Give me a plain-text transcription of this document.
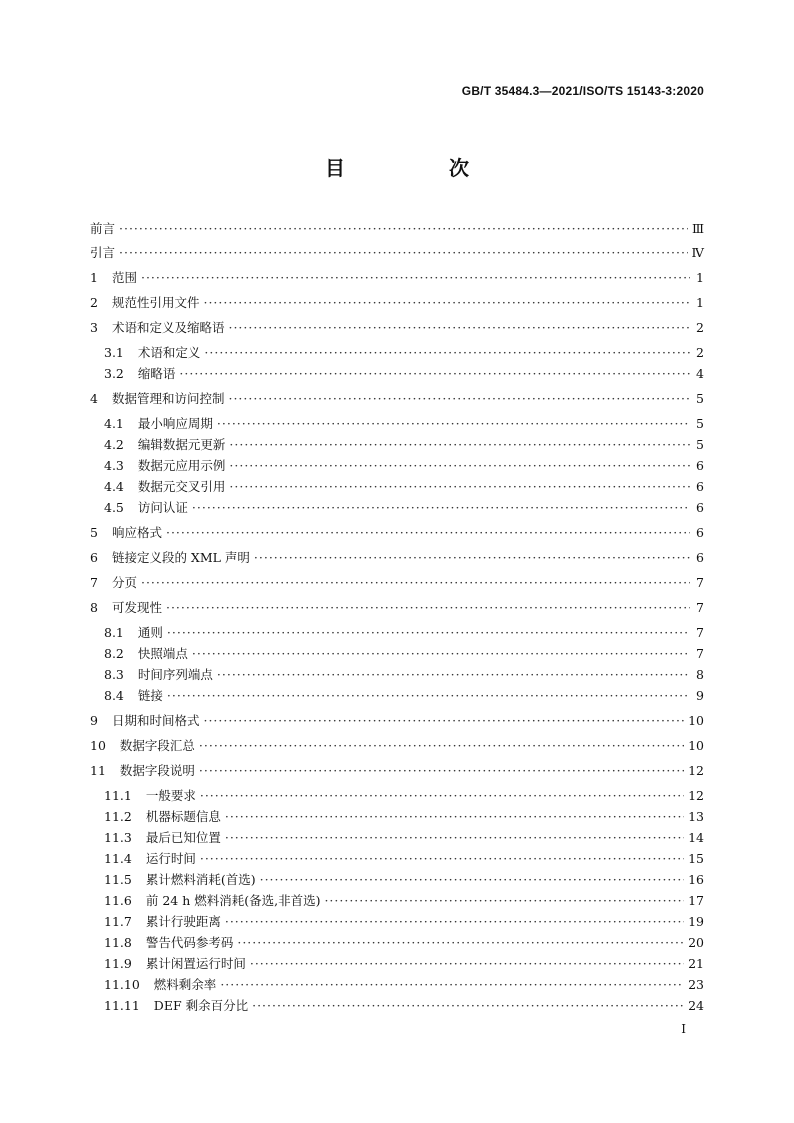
GB/T 35484.3—2021/ISO/TS 15143-3:2020
目　次
前言 ·····	Ⅲ
引言 ·····	Ⅳ
1 范围 ·····	1
2 规范性引用文件 ·····	1
3 术语和定义及缩略语 ·····	2
3.1 术语和定义 ·····	2
3.2 缩略语 ·····	4
4 数据管理和访问控制 ·····	5
4.1 最小响应周期 ·····	5
4.2 编辑数据元更新 ·····	5
4.3 数据元应用示例 ·····	6
4.4 数据元交叉引用 ·····	6
4.5 访问认证 ·····	6
5 响应格式 ·····	6
6 链接定义段的 XML 声明 ·····	6
7 分页 ·····	7
8 可发现性 ·····	7
8.1 通则 ·····	7
8.2 快照端点 ·····	7
8.3 时间序列端点 ·····	8
8.4 链接 ·····	9
9 日期和时间格式 ·····	10
10 数据字段汇总 ·····	10
11 数据字段说明 ·····	12
11.1 一般要求 ·····	12
11.2 机器标题信息 ·····	13
11.3 最后已知位置 ·····	14
11.4 运行时间 ·····	15
11.5 累计燃料消耗(首选) ·····	16
11.6 前 24 h 燃料消耗(备选,非首选) ·····	17
11.7 累计行驶距离 ·····	19
11.8 警告代码参考码 ·····	20
11.9 累计闲置运行时间 ·····	21
11.10 燃料剩余率 ·····	23
11.11 DEF 剩余百分比 ·····	24
I
